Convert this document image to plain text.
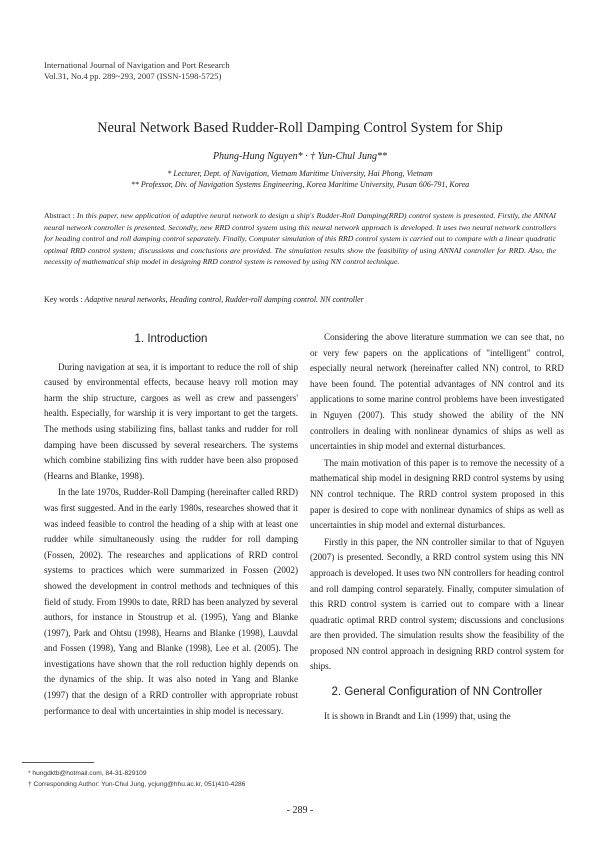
International Journal of Navigation and Port Research
Vol.31, No.4 pp. 289~293, 2007 (ISSN-1598-5725)
Neural Network Based Rudder-Roll Damping Control System for Ship
Phung-Hung Nguyen* · † Yun-Chul Jung**
* Lecturer, Dept. of Navigation, Vietnam Maritime University, Hai Phong, Vietnam
** Professor, Div. of Navigation Systems Engineering, Korea Maritime University, Pusan 606-791, Korea
Abstract : In this paper, new application of adaptive neural network to design a ship's Rudder-Roll Damping(RRD) control system is presented. Firstly, the ANNAI neural network controller is presented. Secondly, new RRD control system using this neural network approach is developed. It uses two neural network controllers for heading control and roll damping control separately. Finally, Computer simulation of this RRD control system is carried out to compare with a linear quadratic optimal RRD control system; discussions and conclusions are provided. The simulation results show the feasibility of using ANNAI controller for RRD. Also, the necessity of mathematical ship model in designing RRD control system is removed by using NN control technique.
Key words : Adaptive neural networks, Heading control, Rudder-roll damping control. NN controller
1. Introduction

During navigation at sea, it is important to reduce the roll of ship caused by environmental effects, because heavy roll motion may harm the ship structure, cargoes as well as crew and passengers' health. Especially, for warship it is very important to get the targets. The methods using stabilizing fins, ballast tanks and rudder for roll damping have been discussed by several researchers. The systems which combine stabilizing fins with rudder have been also proposed (Hearns and Blanke, 1998).

In the late 1970s, Rudder-Roll Damping (hereinafter called RRD) was first suggested. And in the early 1980s, researches showed that it was indeed feasible to control the heading of a ship with at least one rudder while simultaneously using the rudder for roll damping (Fossen, 2002). The researches and applications of RRD control systems to practices which were summarized in Fossen (2002) showed the development in control methods and techniques of this field of study. From 1990s to date, RRD has been analyzed by several authors, for instance in Stoustrup et al. (1995), Yang and Blanke (1997), Park and Ohtsu (1998), Hearns and Blanke (1998), Lauvdal and Fossen (1998), Yang and Blanke (1998), Lee et al. (2005). The investigations have shown that the roll reduction highly depends on the dynamics of the ship. It was also noted in Yang and Blanke (1997) that the design of a RRD controller with appropriate robust performance to deal with uncertainties in ship model is necessary.

Considering the above literature summation we can see that, no or very few papers on the applications of "intelligent" control, especially neural network (hereinafter called NN) control, to RRD have been found. The potential advantages of NN control and its applications to some marine control problems have been investigated in Nguyen (2007). This study showed the ability of the NN controllers in dealing with nonlinear dynamics of ships as well as uncertainties in ship model and external disturbances.

The main motivation of this paper is to remove the necessity of a mathematical ship model in designing RRD control systems by using NN control technique. The RRD control system proposed in this paper is desired to cope with nonlinear dynamics of ships as well as uncertainties in ship model and external disturbances.

Firstly in this paper, the NN controller similar to that of Nguyen (2007) is presented. Secondly, a RRD control system using this NN approach is developed. It uses two NN controllers for heading control and roll damping control separately. Finally, computer simulation of this RRD control system is carried out to compare with a linear quadratic optimal RRD control system; discussions and conclusions are then provided. The simulation results show the feasibility of the proposed NN control approach in designing RRD control system for ships.

2. General Configuration of NN Controller

It is shown in Brandt and Lin (1999) that, using the

* hungdktb@hotmail.com, 84-31-829109
† Corresponding Author: Yun-Chul Jung, ycjung@hhu.ac.kr, 051)410-4286
- 289 -
